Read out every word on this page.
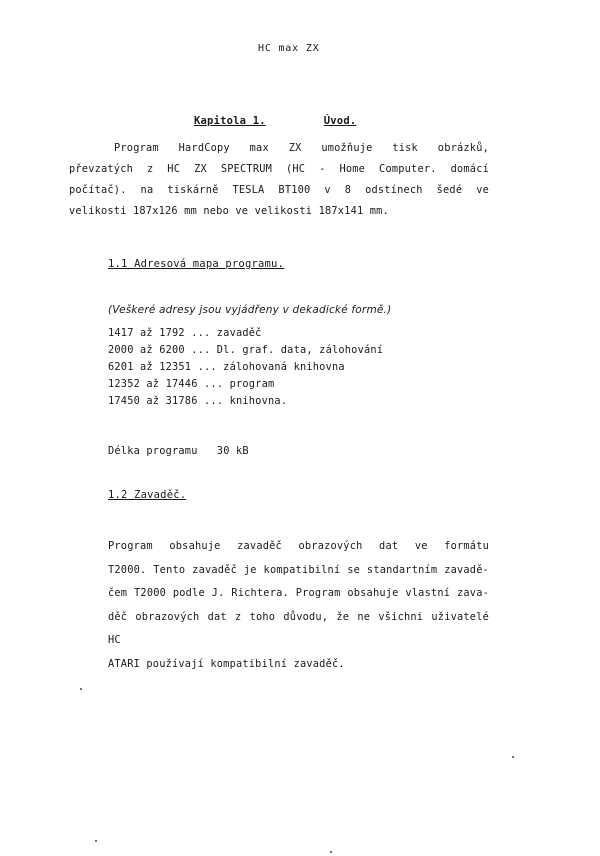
HC max ZX
Kapitola 1.	Úvod.
Program HardCopy max ZX umožňuje tisk obrázků,
převzatých z HC ZX SPECTRUM (HC - Home Computer. domácí
počítač). na tiskárně TESLA BT100 v 8 odstínech šedé ve
velikosti 187x126 mm nebo ve velikosti 187x141 mm.
1.1 Adresová mapa programu.
(Veškeré adresy jsou vyjádřeny v dekadické formě.)
1417 až 1792 ... zavaděč
2000 až 6200 ... Dl. graf. data, zálohování
6201 až 12351 ... zálohovaná knihovna
12352 až 17446 ... program
17450 až 31786 ... knihovna.
Délka programu 30 kB
1.2 Zavaděč.
Program obsahuje zavaděč obrazových dat ve formátu
T2000. Tento zavaděč je kompatibilní se standartním zavadě-
čem T2000 podle J. Richtera. Program obsahuje vlastní zava-
děč obrazových dat z toho důvodu, že ne všichni uživatelé HC
ATARI používají kompatibilní zavaděč.
